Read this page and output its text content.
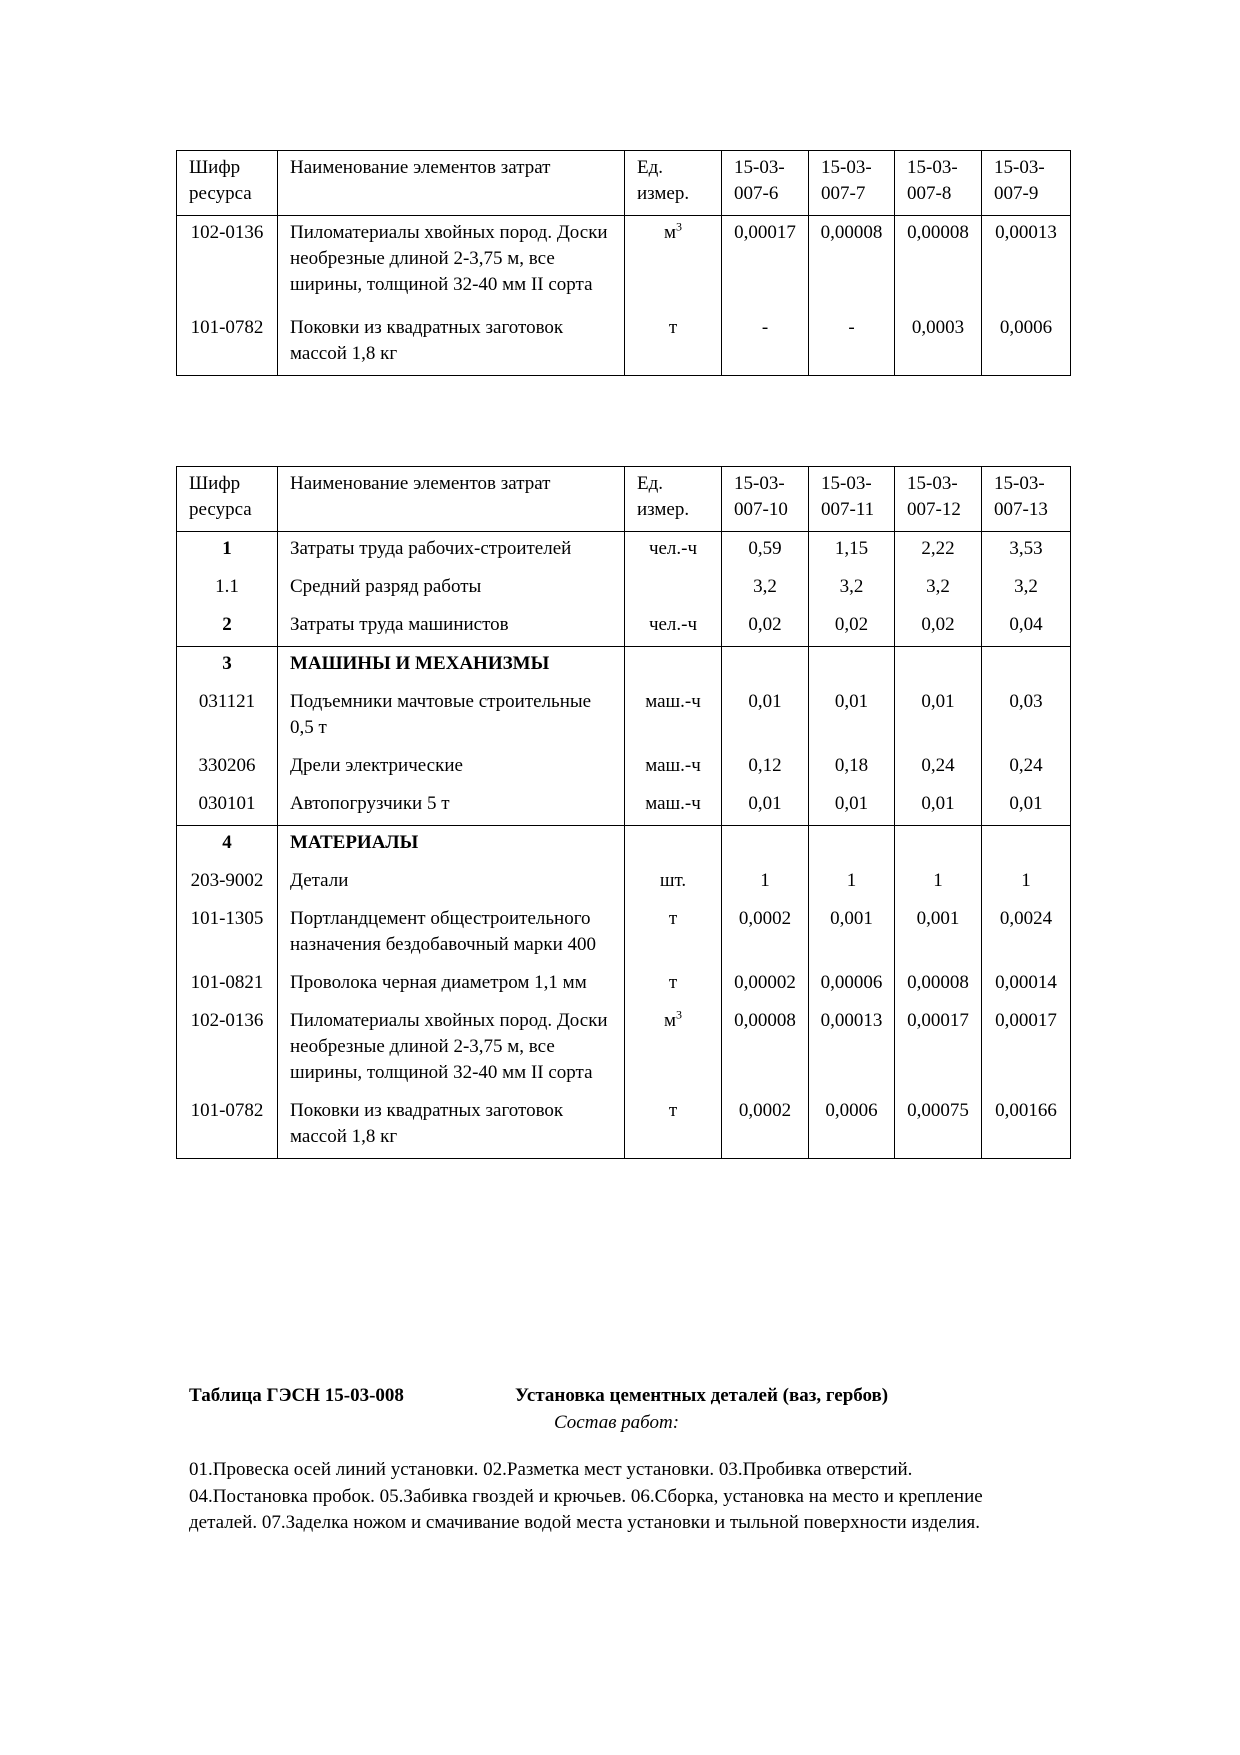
Шифр ресурса	Наименование элементов затрат	Ед. измер.	15-03-007-6	15-03-007-7	15-03-007-8	15-03-007-9
102-0136	Пиломатериалы хвойных пород. Доски необрезные длиной 2-3,75 м, все ширины, толщиной 32-40 мм II сорта	$м^3$	0,00017	0,00008	0,00008	0,00013
101-0782	Поковки из квадратных заготовок массой 1,8 кг	т	-	-	0,0003	0,0006
Шифр ресурса	Наименование элементов затрат	Ед. измер.	15-03-007-10	15-03-007-11	15-03-007-12	15-03-007-13
1	Затраты труда рабочих-строителей	чел.-ч	0,59	1,15	2,22	3,53
1.1	Средний разряд работы		3,2	3,2	3,2	3,2
2	Затраты труда машинистов	чел.-ч	0,02	0,02	0,02	0,04
3	МАШИНЫ И МЕХАНИЗМЫ					
031121	Подъемники мачтовые строительные 0,5 т	маш.-ч	0,01	0,01	0,01	0,03
330206	Дрели электрические	маш.-ч	0,12	0,18	0,24	0,24
030101	Автопогрузчики 5 т	маш.-ч	0,01	0,01	0,01	0,01
4	МАТЕРИАЛЫ					
203-9002	Детали	шт.	1	1	1	1
101-1305	Портландцемент общестроительного назначения бездобавочный марки 400	т	0,0002	0,001	0,001	0,0024
101-0821	Проволока черная диаметром 1,1 мм	т	0,00002	0,00006	0,00008	0,00014
102-0136	Пиломатериалы хвойных пород. Доски необрезные длиной 2-3,75 м, все ширины, толщиной 32-40 мм II сорта	$м^3$	0,00008	0,00013	0,00017	0,00017
101-0782	Поковки из квадратных заготовок массой 1,8 кг	т	0,0002	0,0006	0,00075	0,00166
Таблица ГЭСН 15-03-008	Установка цементных деталей (ваз, гербов)
Состав работ:
01.Провеска осей линий установки. 02.Разметка мест установки. 03.Пробивка отверстий. 04.Постановка пробок. 05.Забивка гвоздей и крючьев. 06.Сборка, установка на место и крепление деталей. 07.Заделка ножом и смачивание водой места установки и тыльной поверхности изделия.
